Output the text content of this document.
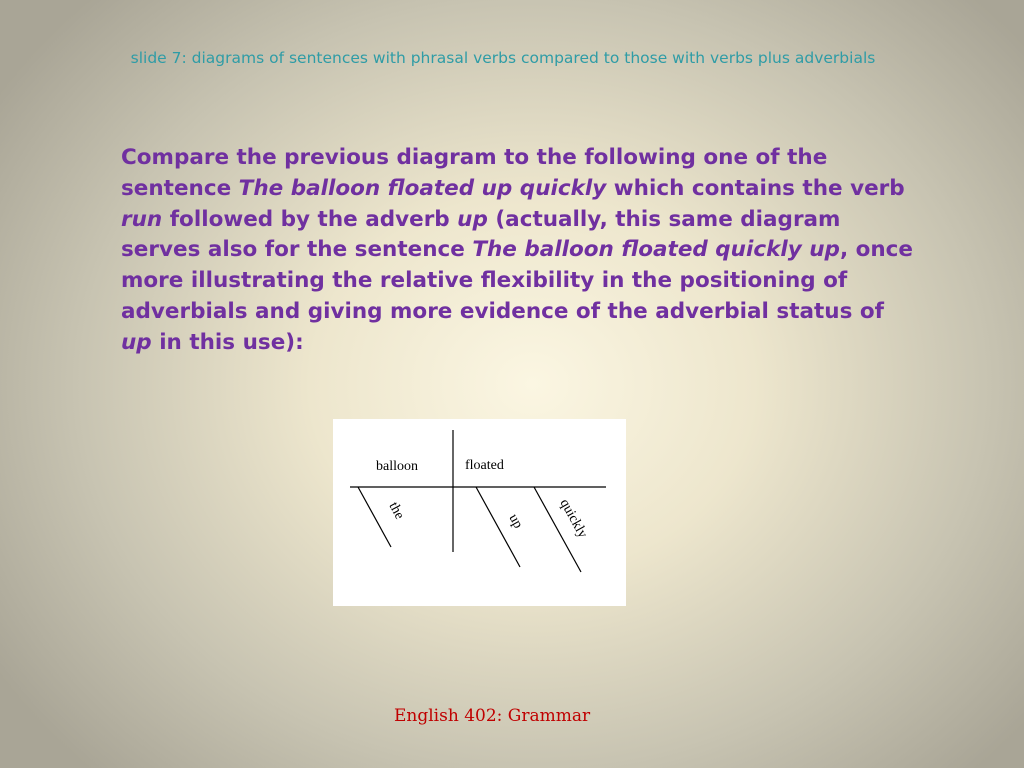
slide 7: diagrams of sentences with phrasal verbs compared to those with verbs plus adverbials
Compare the previous diagram to the following one of the sentence The balloon floated up quickly which contains the verb run followed by the adverb up (actually, this same diagram serves also for the sentence The balloon floated quickly up, once more illustrating the relative flexibility in the positioning of adverbials and giving more evidence of the adverbial status of up in this use):
balloon	floated
the	up quickly
English 402: Grammar
